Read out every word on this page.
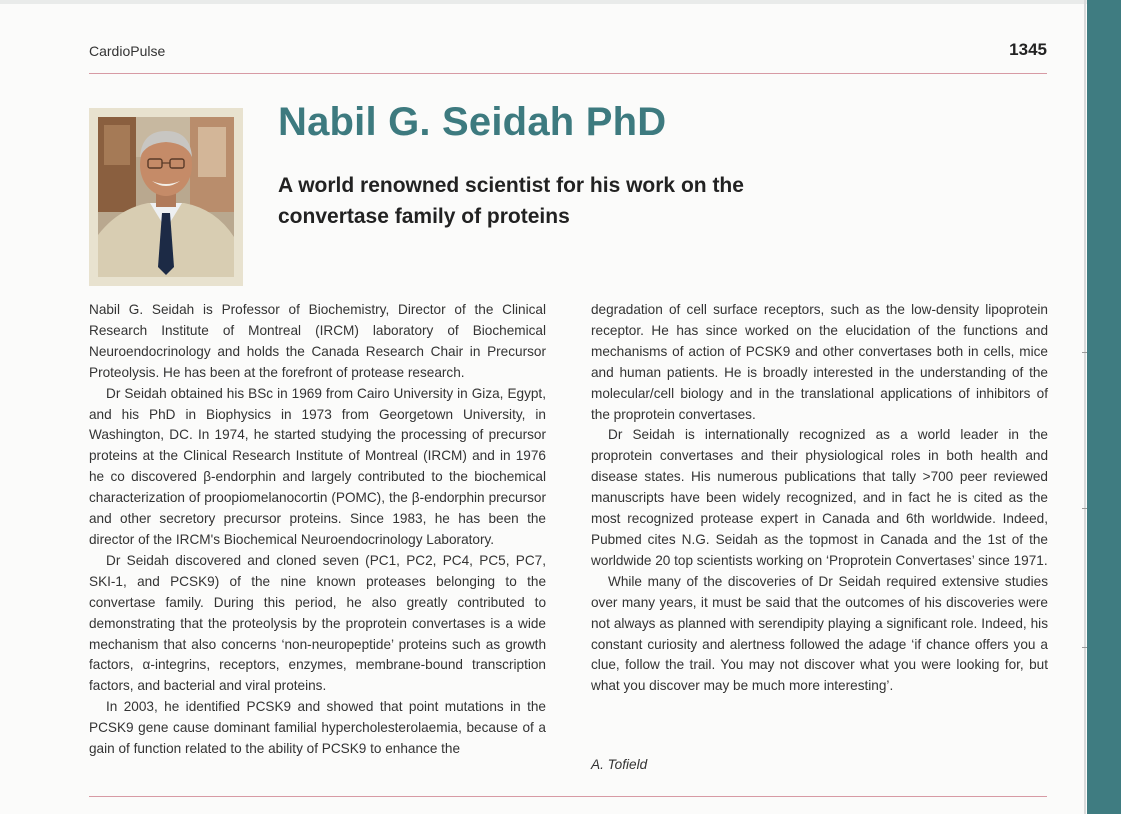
CardioPulse	1345
Nabil G. Seidah PhD
A world renowned scientist for his work on the
convertase family of proteins

Nabil G. Seidah is Professor of Biochemistry, Director of the Clinical Research Institute of Montreal (IRCM) laboratory of Biochemical Neuroendocrinology and holds the Canada Research Chair in Precursor Proteolysis. He has been at the forefront of protease research.

Dr Seidah obtained his BSc in 1969 from Cairo University in Giza, Egypt, and his PhD in Biophysics in 1973 from Georgetown University, in Washington, DC. In 1974, he started studying the processing of precursor proteins at the Clinical Research Institute of Montreal (IRCM) and in 1976 he co discovered β-endorphin and largely contributed to the biochemical characterization of proopiomelanocortin (POMC), the β-endorphin precursor and other secretory precursor proteins. Since 1983, he has been the director of the IRCM's Biochemical Neuroendocrinology Laboratory.

Dr Seidah discovered and cloned seven (PC1, PC2, PC4, PC5, PC7, SKI-1, and PCSK9) of the nine known proteases belonging to the convertase family. During this period, he also greatly contributed to demonstrating that the proteolysis by the proprotein convertases is a wide mechanism that also concerns ‘non-neuropeptide’ proteins such as growth factors, α-integrins, receptors, enzymes, membrane-bound transcription factors, and bacterial and viral proteins.

In 2003, he identified PCSK9 and showed that point mutations in the PCSK9 gene cause dominant familial hypercholesterolaemia, because of a gain of function related to the ability of PCSK9 to enhance the

degradation of cell surface receptors, such as the low-density lipoprotein receptor. He has since worked on the elucidation of the functions and mechanisms of action of PCSK9 and other convertases both in cells, mice and human patients. He is broadly interested in the understanding of the molecular/cell biology and in the translational applications of inhibitors of the proprotein convertases.

Dr Seidah is internationally recognized as a world leader in the proprotein convertases and their physiological roles in both health and disease states. His numerous publications that tally >700 peer reviewed manuscripts have been widely recognized, and in fact he is cited as the most recognized protease expert in Canada and 6th worldwide. Indeed, Pubmed cites N.G. Seidah as the topmost in Canada and the 1st of the worldwide 20 top scientists working on ‘Proprotein Convertases’ since 1971.

While many of the discoveries of Dr Seidah required extensive studies over many years, it must be said that the outcomes of his discoveries were not always as planned with serendipity playing a significant role. Indeed, his constant curiosity and alertness followed the adage ‘if chance offers you a clue, follow the trail. You may not discover what you were looking for, but what you discover may be much more interesting’.

A. Tofield
